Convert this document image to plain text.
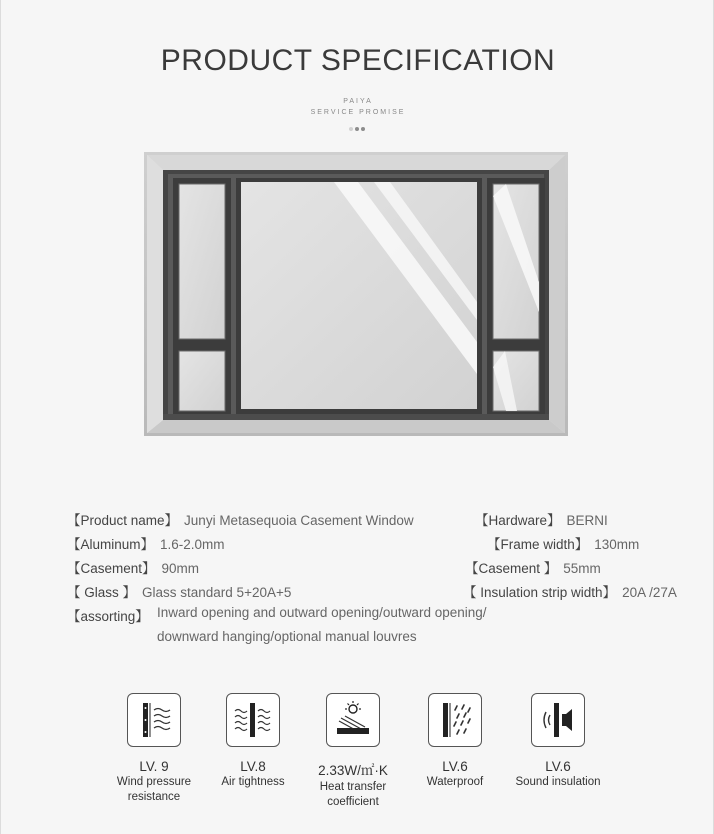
PRODUCT SPECIFICATION
PAIYA
SERVICE PROMISE
【Product name】 Junyi Metasequoia Casement Window	【Hardware】 BERNI
【Aluminum】 1.6-2.0mm	【Frame width】 130mm
【Casement】 90mm	【Casement 】 55mm
【 Glass 】 Glass standard 5+20A+5	【 Insulation strip width】 20A /27A
【assorting】 Inward opening and outward opening/outward opening/
downward hanging/optional manual louvres
LV. 9
Wind pressure
resistance
LV.8
Air tightness
2.33W/㎡·K
Heat transfer
coefficient
LV.6
Waterproof
LV.6
Sound insulation
